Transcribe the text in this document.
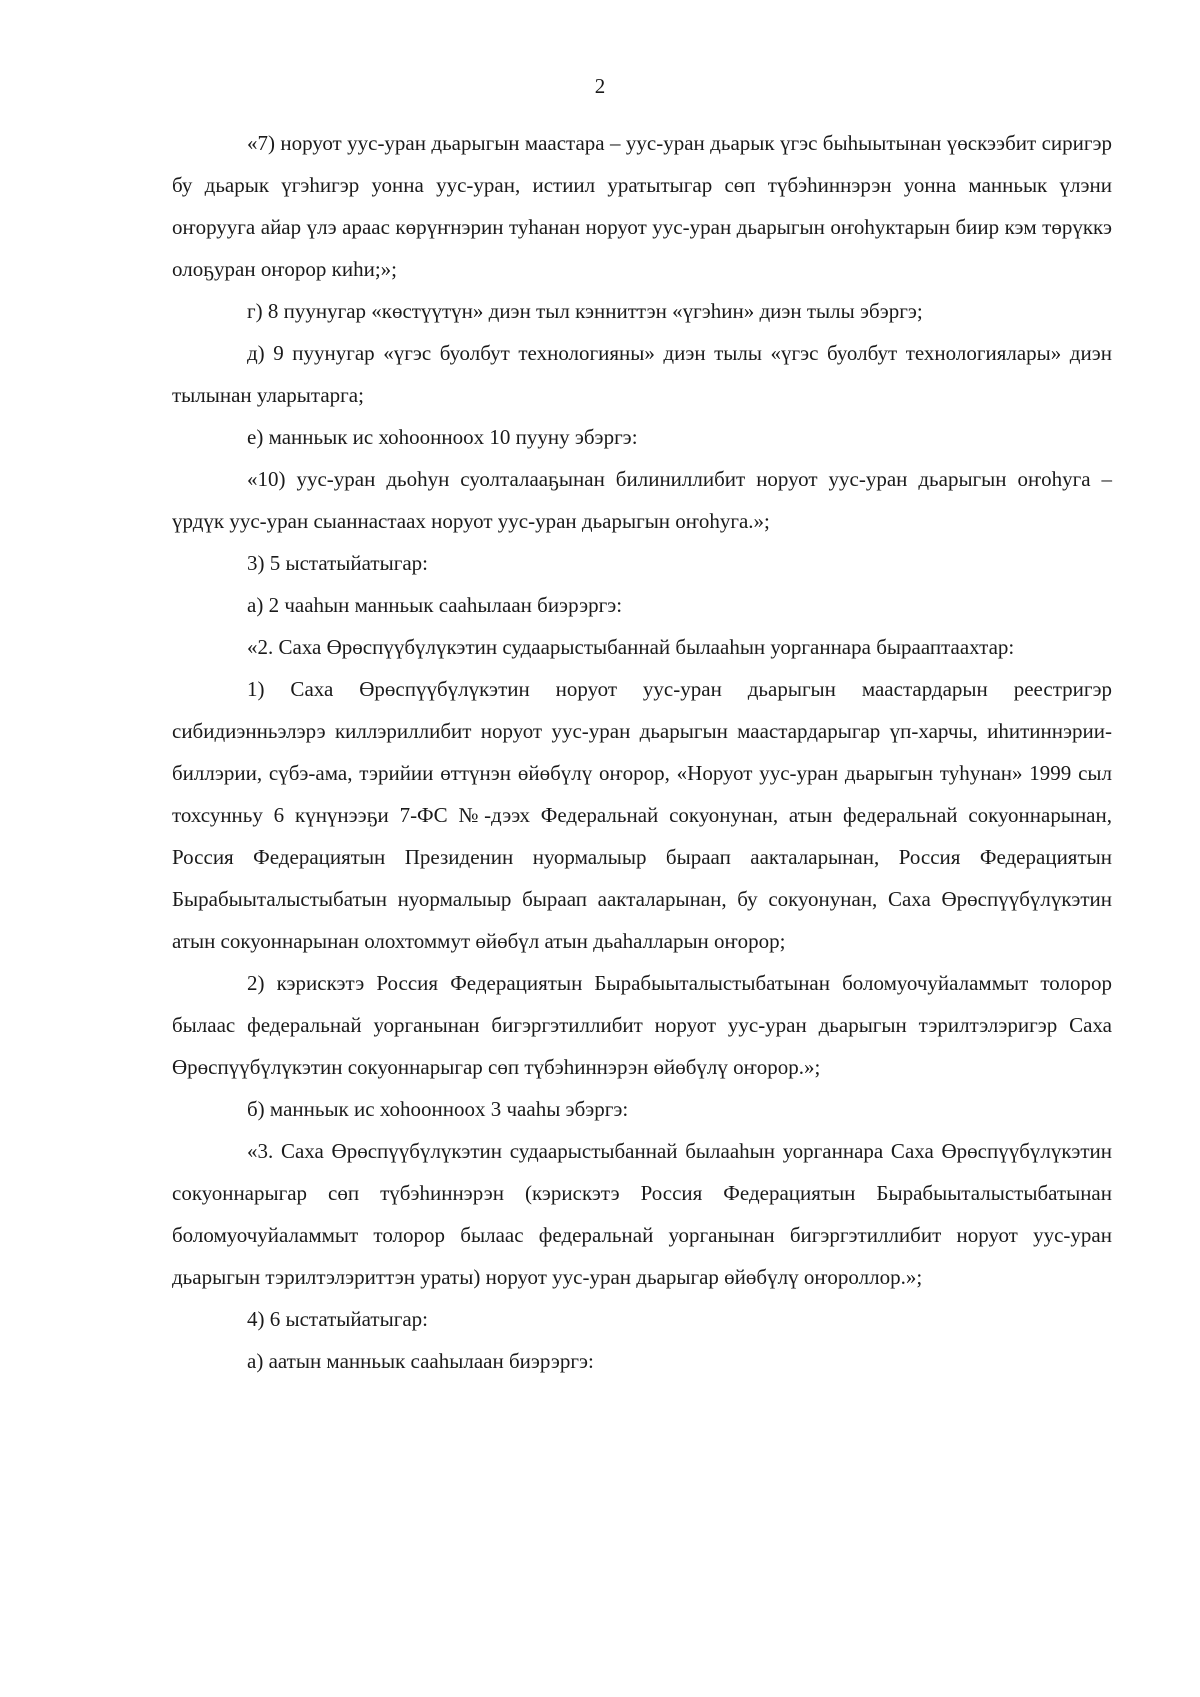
2

«7) норуот уус-уран дьарыгын маастара – уус-уран дьарык үгэс быһыытынан үөскээбит сиригэр бу дьарык үгэһигэр уонна уус-уран, истиил уратытыгар сөп түбэһиннэрэн уонна манньык үлэни оҥорууга айар үлэ араас көрүҥнэрин туһанан норуот уус-уран дьарыгын оҥоһуктарын биир кэм төрүккэ олоҕуран оҥорор киһи;»;

г) 8 пуунугар «көстүүтүн» диэн тыл кэнниттэн «үгэһин» диэн тылы эбэргэ;

д) 9 пуунугар «үгэс буолбут технологияны» диэн тылы «үгэс буолбут технологиялары» диэн тылынан уларытарга;

е) манньык ис хоһооннооx 10 пууну эбэргэ:

«10) уус-уран дьоһун суолталааҕынан билиниллибит норуот уус-уран дьарыгын оҥоһуга – үрдүк уус-уран сыаннастаах норуот уус-уран дьарыгын оҥоһуга.»;

3) 5 ыстатыйатыгар:

а) 2 чааһын манньык сааһылаан биэрэргэ:

«2. Саха Өрөспүүбүлүкэтин судаарыстыбаннай былааһын уорганнара бырааптаахтар:

1) Саха Өрөспүүбүлүкэтин норуот уус-уран дьарыгын маастардарын реестригэр сибидиэнньэлэрэ киллэриллибит норуот уус-уран дьарыгын маастардарыгар үп-харчы, иһитиннэрии-биллэрии, сүбэ-ама, тэрийии өттүнэн өйөбүлү оҥорор, «Норуот уус-уран дьарыгын туһунан» 1999 сыл тохсунньу 6 күнүнээҕи 7-ФС №-дээх Федеральнай сокуонунан, атын федеральнай сокуоннарынан, Россия Федерациятын Президенин нуормалыыр быраап аакталарынан, Россия Федерациятын Бырабыыталыстыбатын нуормалыыр быраап аакталарынан, бу сокуонунан, Саха Өрөспүүбүлүкэтин атын сокуоннарынан олохтоммут өйөбүл атын дьаһалларын оҥорор;

2) кэрискэтэ Россия Федерациятын Бырабыыталыстыбатынан боломуочуйаламмыт толорор былаас федеральнай уорганынан бигэргэтиллибит норуот уус-уран дьарыгын тэрилтэлэригэр Саха Өрөспүүбүлүкэтин сокуоннарыгар сөп түбэһиннэрэн өйөбүлү оҥорор.»;

б) манньык ис хоһооннооx 3 чааһы эбэргэ:

«3. Саха Өрөспүүбүлүкэтин судаарыстыбаннай былааһын уорганнара Саха Өрөспүүбүлүкэтин сокуоннарыгар сөп түбэһиннэрэн (кэрискэтэ Россия Федерациятын Бырабыыталыстыбатынан боломуочуйаламмыт толорор былаас федеральнай уорганынан бигэргэтиллибит норуот уус-уран дьарыгын тэрилтэлэриттэн ураты) норуот уус-уран дьарыгар өйөбүлү оҥороллор.»;

4) 6 ыстатыйатыгар:

а) аатын манньык сааһылаан биэрэргэ:
